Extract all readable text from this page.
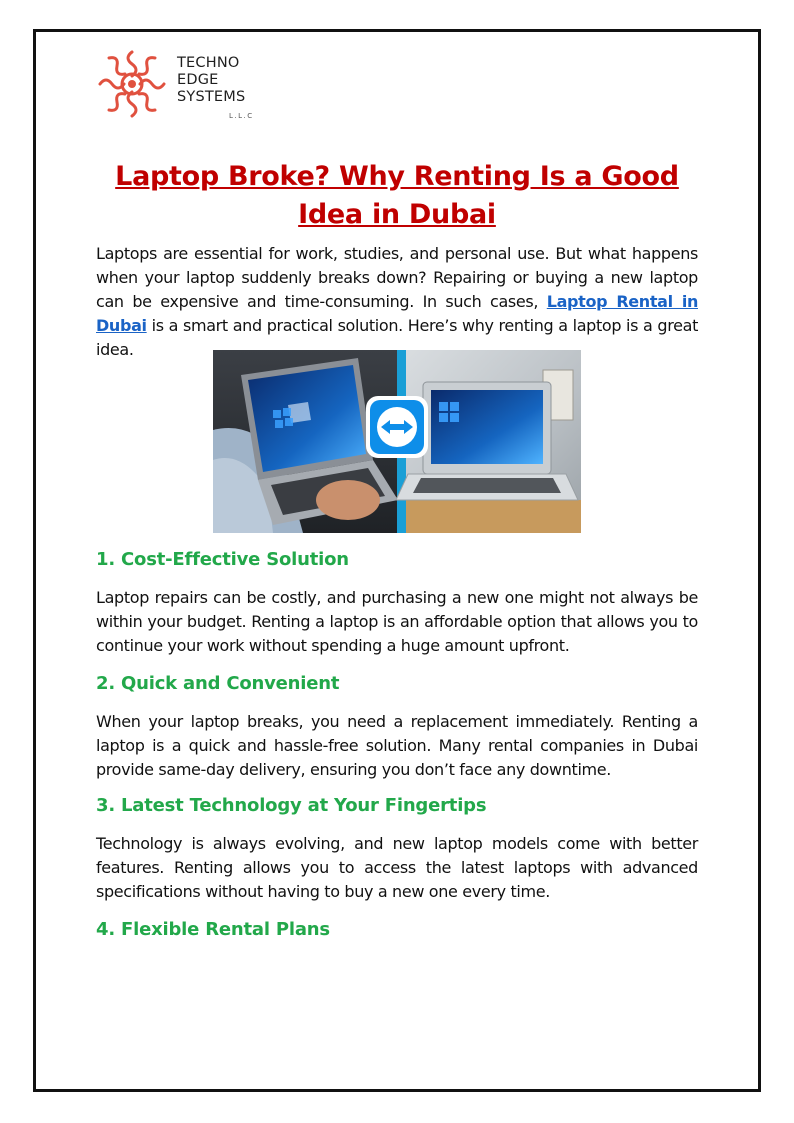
TECHNO
EDGE
SYSTEMS
L.L.C
Laptop Broke? Why Renting Is a Good Idea in Dubai

Laptops are essential for work, studies, and personal use. But what happens when your laptop suddenly breaks down? Repairing or buying a new laptop can be expensive and time-consuming. In such cases, Laptop Rental in Dubai is a smart and practical solution. Here’s why renting a laptop is a great idea.

1. Cost-Effective Solution

Laptop repairs can be costly, and purchasing a new one might not always be within your budget. Renting a laptop is an affordable option that allows you to continue your work without spending a huge amount upfront.

2. Quick and Convenient

When your laptop breaks, you need a replacement immediately. Renting a laptop is a quick and hassle-free solution. Many rental companies in Dubai provide same-day delivery, ensuring you don’t face any downtime.

3. Latest Technology at Your Fingertips

Technology is always evolving, and new laptop models come with better features. Renting allows you to access the latest laptops with advanced specifications without having to buy a new one every time.

4. Flexible Rental Plans
